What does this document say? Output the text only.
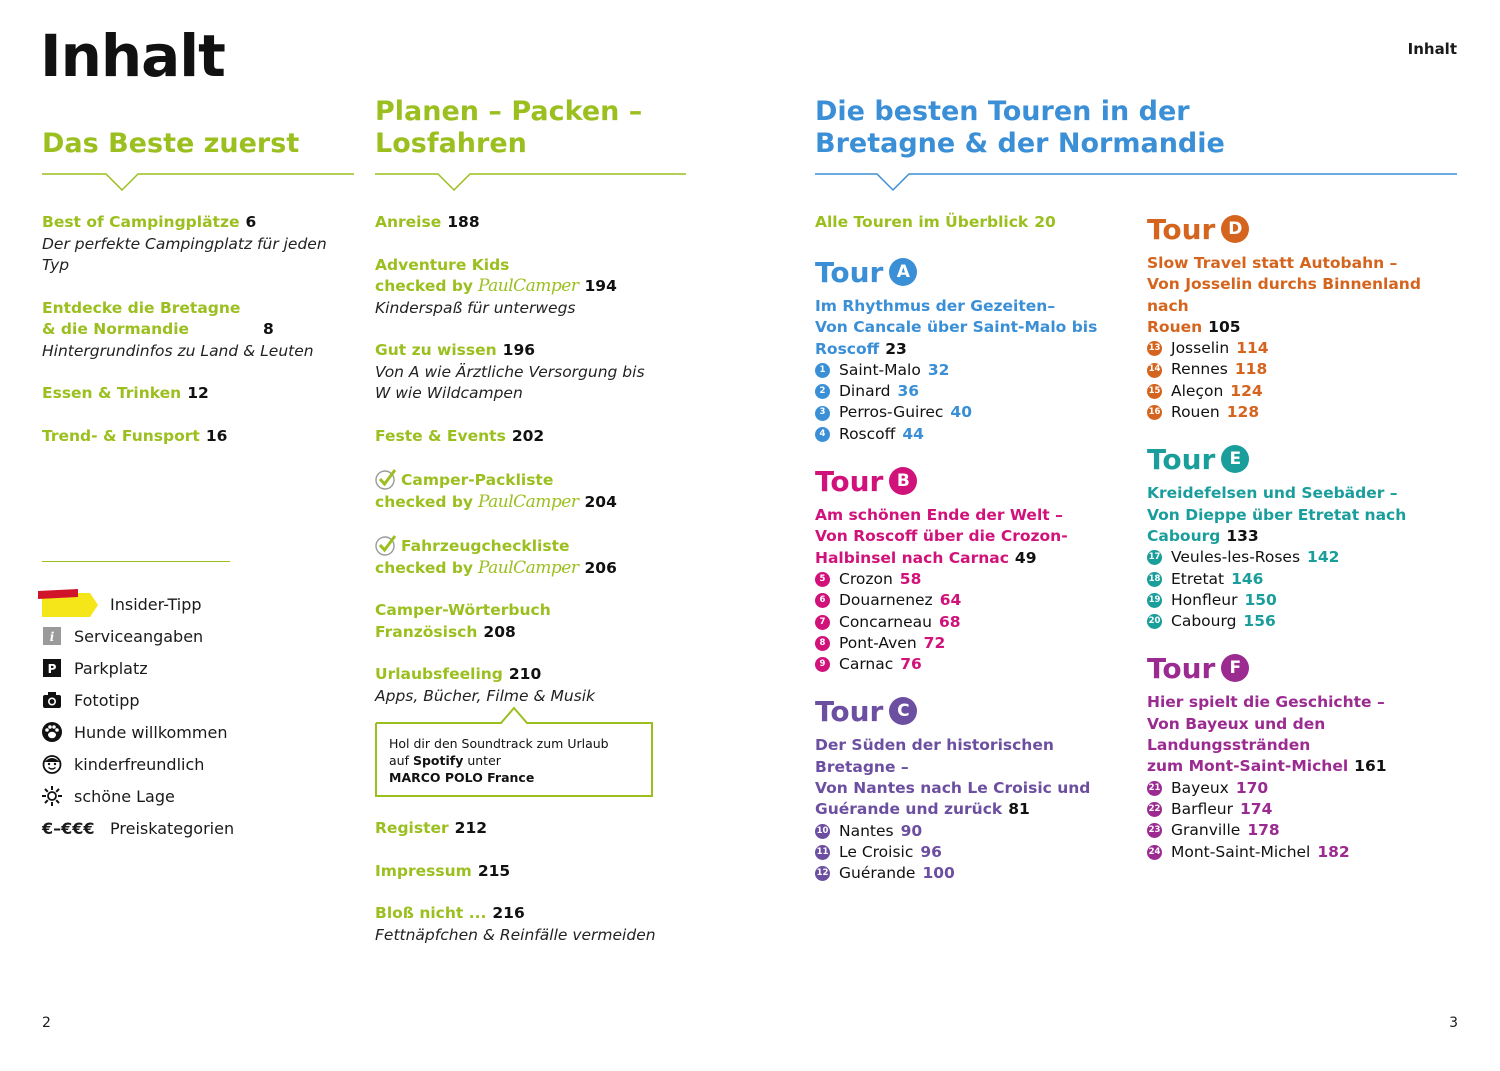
Inhalt	Inhalt
2	3
Das Beste zuerst
Best of Campingplätze 6
Der perfekte Campingplatz für jeden Typ
Entdecke die Bretagne & die Normandie	8
Hintergrundinfos zu Land & Leuten
Essen & Trinken 12
Trend- & Funsport 16
Insider-Tipp
i Serviceangaben
P Parkplatz
Fototipp
Hunde willkommen
kinderfreundlich
schöne Lage
€–€€€ Preiskategorien
Planen – Packen –
Losfahren
Anreise 188
Adventure Kids
checked by PaulCamper 194
Kinderspaß für unterwegs
Gut zu wissen 196
Von A wie Ärztliche Versorgung bis W wie Wildcampen
Feste & Events 202
Camper-Packliste
checked by PaulCamper 204
Fahrzeugcheckliste
checked by PaulCamper 206
Camper-Wörterbuch
Französisch 208
Urlaubsfeeling 210
Apps, Bücher, Filme & Musik
Hol dir den Soundtrack zum Urlaub
auf Spotify unter
MARCO POLO France
Register 212
Impressum 215
Bloß nicht ... 216
Fettnäpfchen & Reinfälle vermeiden
Die besten Touren in der
Bretagne & der Normandie
Alle Touren im Überblick 20
Tour A
Im Rhythmus der Gezeiten–
Von Cancale über Saint-Malo bis
Roscoff 23
1 Saint-Malo 32
2 Dinard 36
3 Perros-Guirec 40
4 Roscoff 44
Tour B
Am schönen Ende der Welt –
Von Roscoff über die Crozon-
Halbinsel nach Carnac 49
5 Crozon 58
6 Douarnenez 64
7 Concarneau 68
8 Pont-Aven 72
9 Carnac 76
Tour C
Der Süden der historischen Bretagne –
Von Nantes nach Le Croisic und
Guérande und zurück 81
10 Nantes 90
11 Le Croisic 96
12 Guérande 100
Tour D
Slow Travel statt Autobahn –
Von Josselin durchs Binnenland nach
Rouen 105
13 Josselin 114
14 Rennes 118
15 Aleçon 124
16 Rouen 128
Tour E
Kreidefelsen und Seebäder –
Von Dieppe über Etretat nach
Cabourg 133
17 Veules-les-Roses 142
18 Etretat 146
19 Honfleur 150
20 Cabourg 156
Tour F
Hier spielt die Geschichte –
Von Bayeux und den Landungsstränden
zum Mont-Saint-Michel 161
21 Bayeux 170
22 Barfleur 174
23 Granville 178
24 Mont-Saint-Michel 182
